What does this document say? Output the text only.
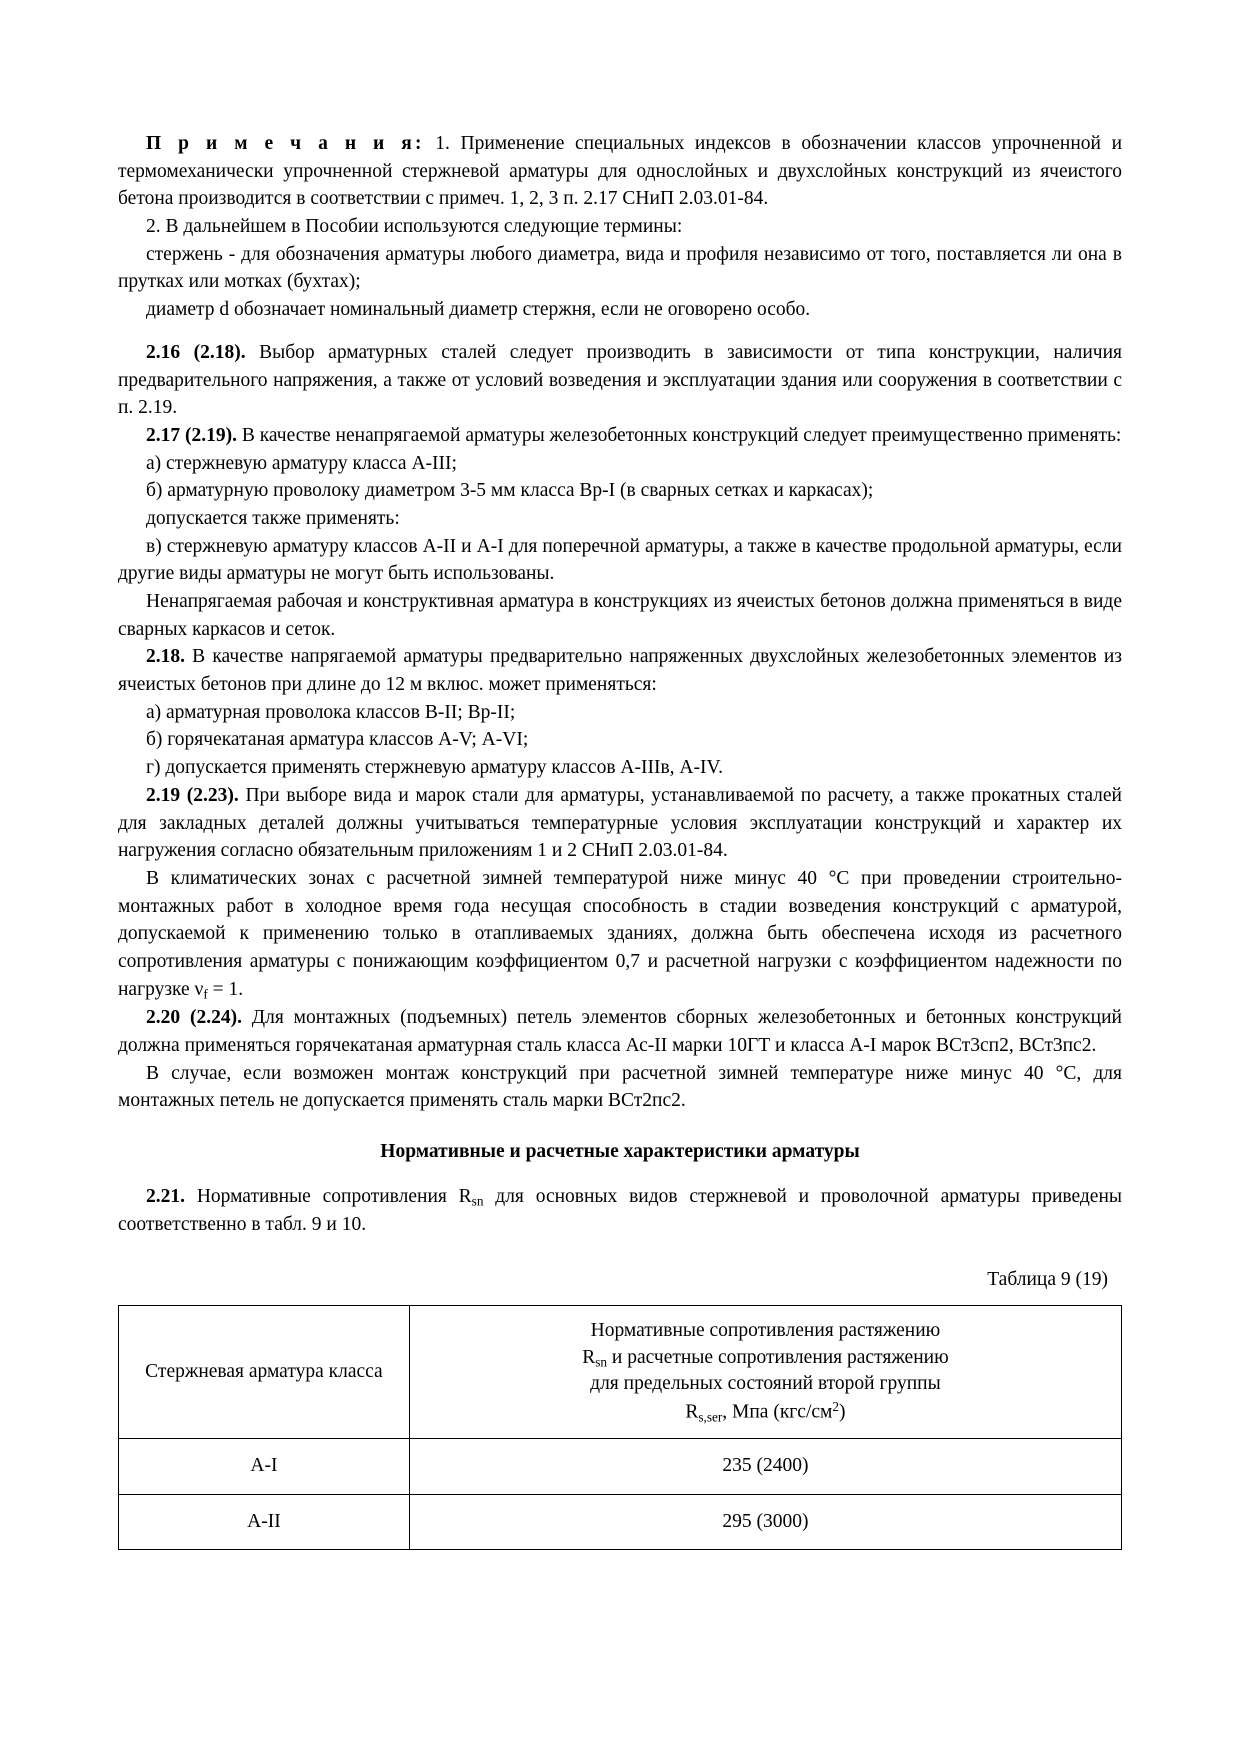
П р и м е ч а н и я: 1. Применение специальных индексов в обозначении классов упрочненной и термомеханически упрочненной стержневой арматуры для однослойных и двухслойных конструкций из ячеистого бетона производится в соответствии с примеч. 1, 2, 3 п. 2.17 СНиП 2.03.01-84.

2. В дальнейшем в Пособии используются следующие термины:

стержень - для обозначения арматуры любого диаметра, вида и профиля независимо от того, поставляется ли она в прутках или мотках (бухтах);

диаметр d обозначает номинальный диаметр стержня, если не оговорено особо.

2.16 (2.18). Выбор арматурных сталей следует производить в зависимости от типа конструкции, наличия предварительного напряжения, а также от условий возведения и эксплуатации здания или сооружения в соответствии с п. 2.19.

2.17 (2.19). В качестве ненапрягаемой арматуры железобетонных конструкций следует преимущественно применять:

а) стержневую арматуру класса А-III;

б) арматурную проволоку диаметром 3-5 мм класса Вр-I (в сварных сетках и каркасах);

допускается также применять:

в) стержневую арматуру классов А-II и А-I для поперечной арматуры, а также в качестве продольной арматуры, если другие виды арматуры не могут быть использованы.

Ненапрягаемая рабочая и конструктивная арматура в конструкциях из ячеистых бетонов должна применяться в виде сварных каркасов и сеток.

2.18. В качестве напрягаемой арматуры предварительно напряженных двухслойных железобетонных элементов из ячеистых бетонов при длине до 12 м вклюс. может применяться:

а) арматурная проволока классов В-II; Вр-II;

б) горячекатаная арматура классов А-V; А-VI;

г) допускается применять стержневую арматуру классов А-IIIв, А-IV.

2.19 (2.23). При выборе вида и марок стали для арматуры, устанавливаемой по расчету, а также прокатных сталей для закладных деталей должны учитываться температурные условия эксплуатации конструкций и характер их нагружения согласно обязательным приложениям 1 и 2 СНиП 2.03.01-84.

В климатических зонах с расчетной зимней температурой ниже минус 40 °С при проведении строительно-монтажных работ в холодное время года несущая способность в стадии возведения конструкций с арматурой, допускаемой к применению только в отапливаемых зданиях, должна быть обеспечена исходя из расчетного сопротивления арматуры с понижающим коэффициентом 0,7 и расчетной нагрузки с коэффициентом надежности по нагрузке $\nu_f = 1$.

2.20 (2.24). Для монтажных (подъемных) петель элементов сборных железобетонных и бетонных конструкций должна применяться горячекатаная арматурная сталь класса Ас-II марки 10ГТ и класса А-I марок ВСт3сп2, ВСт3пс2.

В случае, если возможен монтаж конструкций при расчетной зимней температуре ниже минус 40 °С, для монтажных петель не допускается применять сталь марки ВСт2пс2.

Нормативные и расчетные характеристики арматуры

2.21. Нормативные сопротивления $R_{sn}$ для основных видов стержневой и проволочной арматуры приведены соответственно в табл. 9 и 10.

Таблица 9 (19)
Стержневая арматура класса	Нормативные сопротивления растяжению
$R_{sn}$ и расчетные сопротивления растяжению
для предельных состояний второй группы
$R_{s,ser}$, Мпа $(кгс/см^2)$

А-I	235 (2400)
А-II	295 (3000)
